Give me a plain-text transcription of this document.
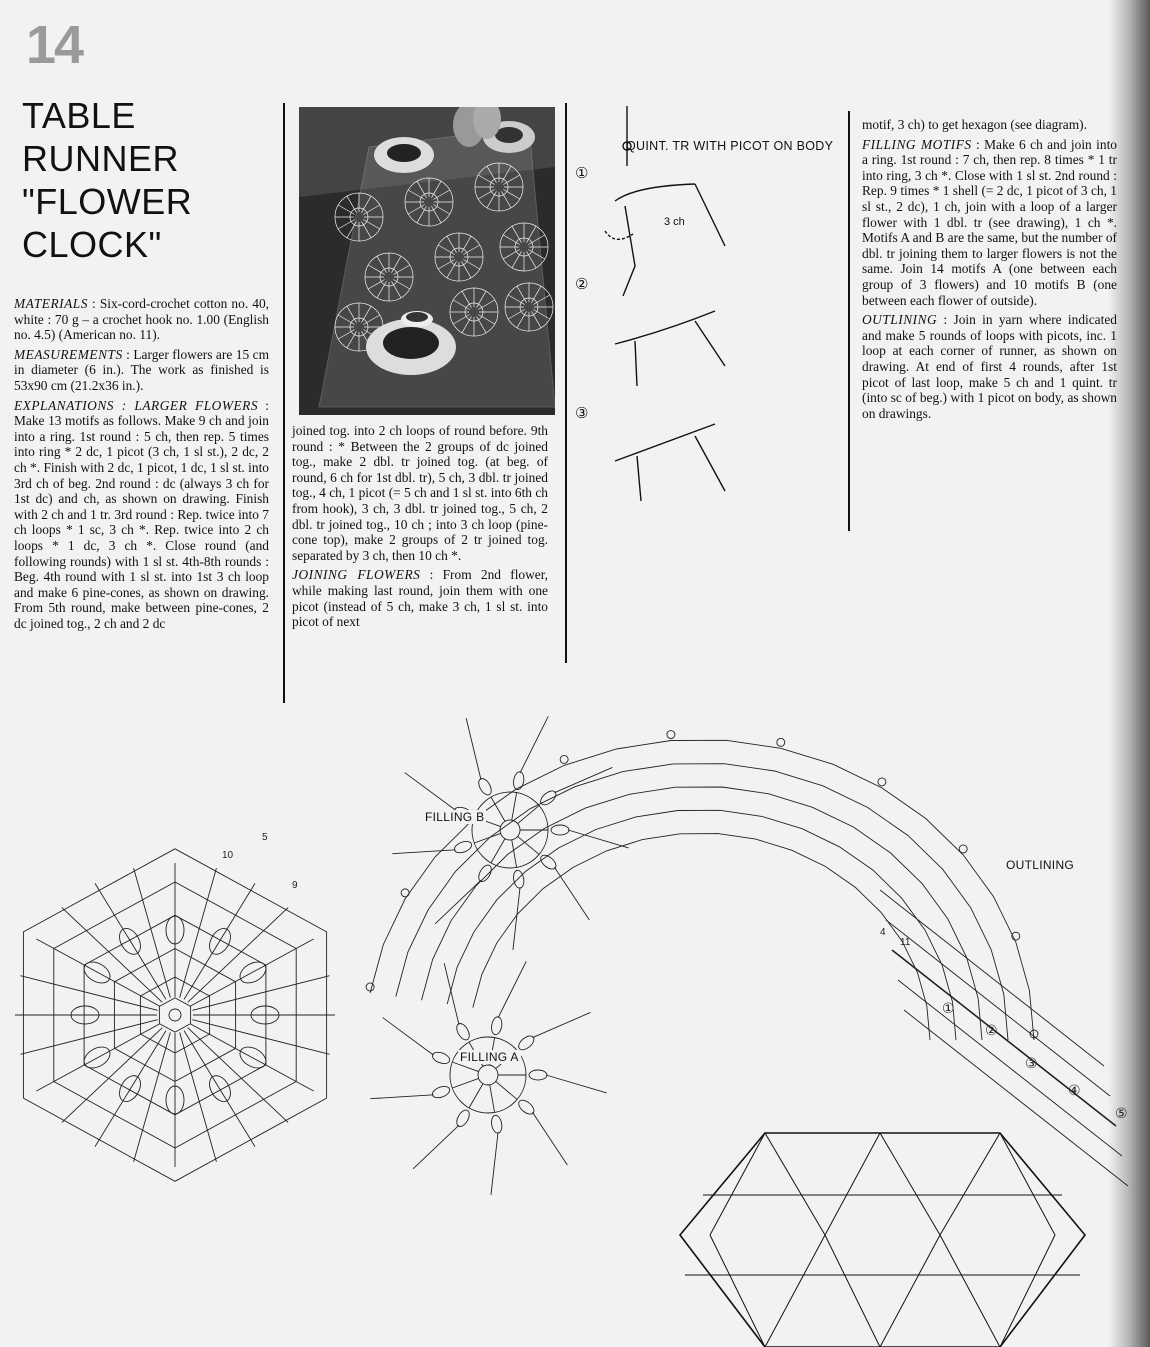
14
TABLE
RUNNER
"FLOWER
CLOCK"

MATERIALS : Six-cord-crochet cotton no. 40, white : 70 g – a crochet hook no. 1.00 (English no. 4.5) (American no. 11).

MEASUREMENTS : Larger flowers are 15 cm in diameter (6 in.). The work as finished is 53x90 cm (21.2x36 in.).

EXPLANATIONS : LARGER FLOWERS : Make 13 motifs as follows. Make 9 ch and join into a ring. 1st round : 5 ch, then rep. 5 times into ring * 2 dc, 1 picot (3 ch, 1 sl st.), 2 dc, 2 ch *. Finish with 2 dc, 1 picot, 1 dc, 1 sl st. into 3rd ch of beg. 2nd round : dc (always 3 ch for 1st dc) and ch, as shown on drawing. Finish with 2 ch and 1 tr. 3rd round : Rep. twice into 7 ch loops * 1 sc, 3 ch *. Rep. twice into 2 ch loops * 1 dc, 3 ch *. Close round (and following rounds) with 1 sl st. 4th-8th rounds : Beg. 4th round with 1 sl st. into 1st 3 ch loop and make 6 pine-cones, as shown on drawing. From 5th round, make between pine-cones, 2 dc joined tog., 2 ch and 2 dc

joined tog. into 2 ch loops of round before. 9th round : * Between the 2 groups of dc joined tog., make 2 dbl. tr joined tog. (at beg. of round, 6 ch for 1st dbl. tr), 5 ch, 3 dbl. tr joined tog., 4 ch, 1 picot (= 5 ch and 1 sl st. into 6th ch from hook), 3 ch, 3 dbl. tr joined tog., 5 ch, 2 dbl. tr joined tog., 10 ch ; into 3 ch loop (pine-cone top), make 2 groups of 2 tr joined tog. separated by 3 ch, then 10 ch *.

JOINING FLOWERS : From 2nd flower, while making last round, join them with one picot (instead of 5 ch, make 3 ch, 1 sl st. into picot of next

QUINT. TR WITH PICOT ON BODY
3 ch
①
②
③

motif, 3 ch) to get hexagon (see diagram).

FILLING MOTIFS : Make 6 ch and join into a ring. 1st round : 7 ch, then rep. 8 times * 1 tr into ring, 3 ch *. Close with 1 sl st. 2nd round : Rep. 9 times * 1 shell (= 2 dc, 1 picot of 3 ch, 1 sl st., 2 dc), 1 ch, join with a loop of a larger flower with 1 dbl. tr (see drawing), 1 ch *. Motifs A and B are the same, but the number of dbl. tr joining them to larger flowers is not the same. Join 14 motifs A (one between each group of 3 flowers) and 10 motifs B (one between each flower of outside).

OUTLINING : Join in yarn where indicated and make 5 rounds of loops with picots, inc. 1 loop at each corner of runner, as shown on drawing. At end of first 4 rounds, after 1st picot of last loop, make 5 ch and 1 quint. tr (into sc of beg.) with 1 picot on body, as shown on drawings.

5
10
4
11
9
①
②
③
④
⑤
FILLING B
FILLING A
OUTLINING
